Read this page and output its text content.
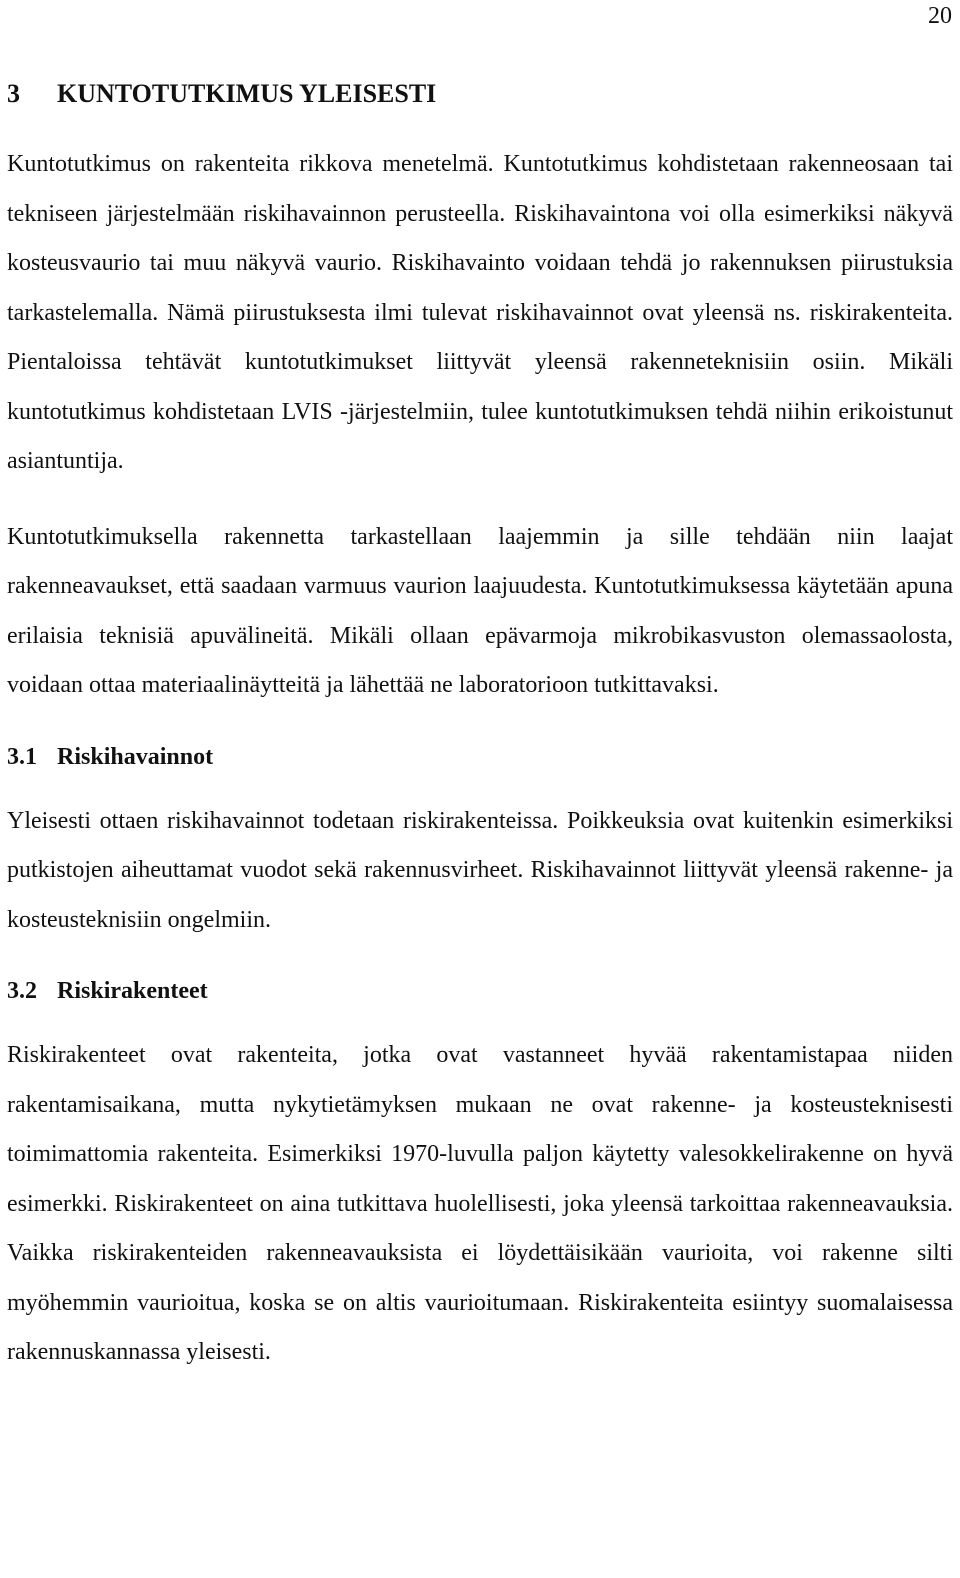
20
3	KUNTOTUTKIMUS YLEISESTI

Kuntotutkimus on rakenteita rikkova menetelmä. Kuntotutkimus kohdistetaan rakenneosaan tai tekniseen järjestelmään riskihavainnon perusteella. Riskihavaintona voi olla esimerkiksi näkyvä kosteusvaurio tai muu näkyvä vaurio. Riskihavainto voidaan tehdä jo rakennuksen piirustuksia tarkastelemalla. Nämä piirustuksesta ilmi tulevat riskihavainnot ovat yleensä ns. riskirakenteita. Pientaloissa tehtävät kuntotutkimukset liittyvät yleensä rakenneteknisiin osiin. Mikäli kuntotutkimus kohdistetaan LVIS -järjestelmiin, tulee kuntotutkimuksen tehdä niihin erikoistunut asiantuntija.

Kuntotutkimuksella rakennetta tarkastellaan laajemmin ja sille tehdään niin laajat rakenneavaukset, että saadaan varmuus vaurion laajuudesta. Kuntotutkimuksessa käytetään apuna erilaisia teknisiä apuvälineitä. Mikäli ollaan epävarmoja mikrobikasvuston olemassaolosta, voidaan ottaa materiaalinäytteitä ja lähettää ne laboratorioon tutkittavaksi.

3.1 Riskihavainnot

Yleisesti ottaen riskihavainnot todetaan riskirakenteissa. Poikkeuksia ovat kuitenkin esimerkiksi putkistojen aiheuttamat vuodot sekä rakennusvirheet. Riskihavainnot liittyvät yleensä rakenne- ja kosteusteknisiin ongelmiin.

3.2 Riskirakenteet

Riskirakenteet ovat rakenteita, jotka ovat vastanneet hyvää rakentamistapaa niiden rakentamisaikana, mutta nykytietämyksen mukaan ne ovat rakenne- ja kosteusteknisesti toimimattomia rakenteita. Esimerkiksi 1970-luvulla paljon käytetty valesokkelirakenne on hyvä esimerkki. Riskirakenteet on aina tutkittava huolellisesti, joka yleensä tarkoittaa rakenneavauksia. Vaikka riskirakenteiden rakenneavauksista ei löydettäisikään vaurioita, voi rakenne silti myöhemmin vaurioitua, koska se on altis vaurioitumaan. Riskirakenteita esiintyy suomalaisessa rakennuskannassa yleisesti.
